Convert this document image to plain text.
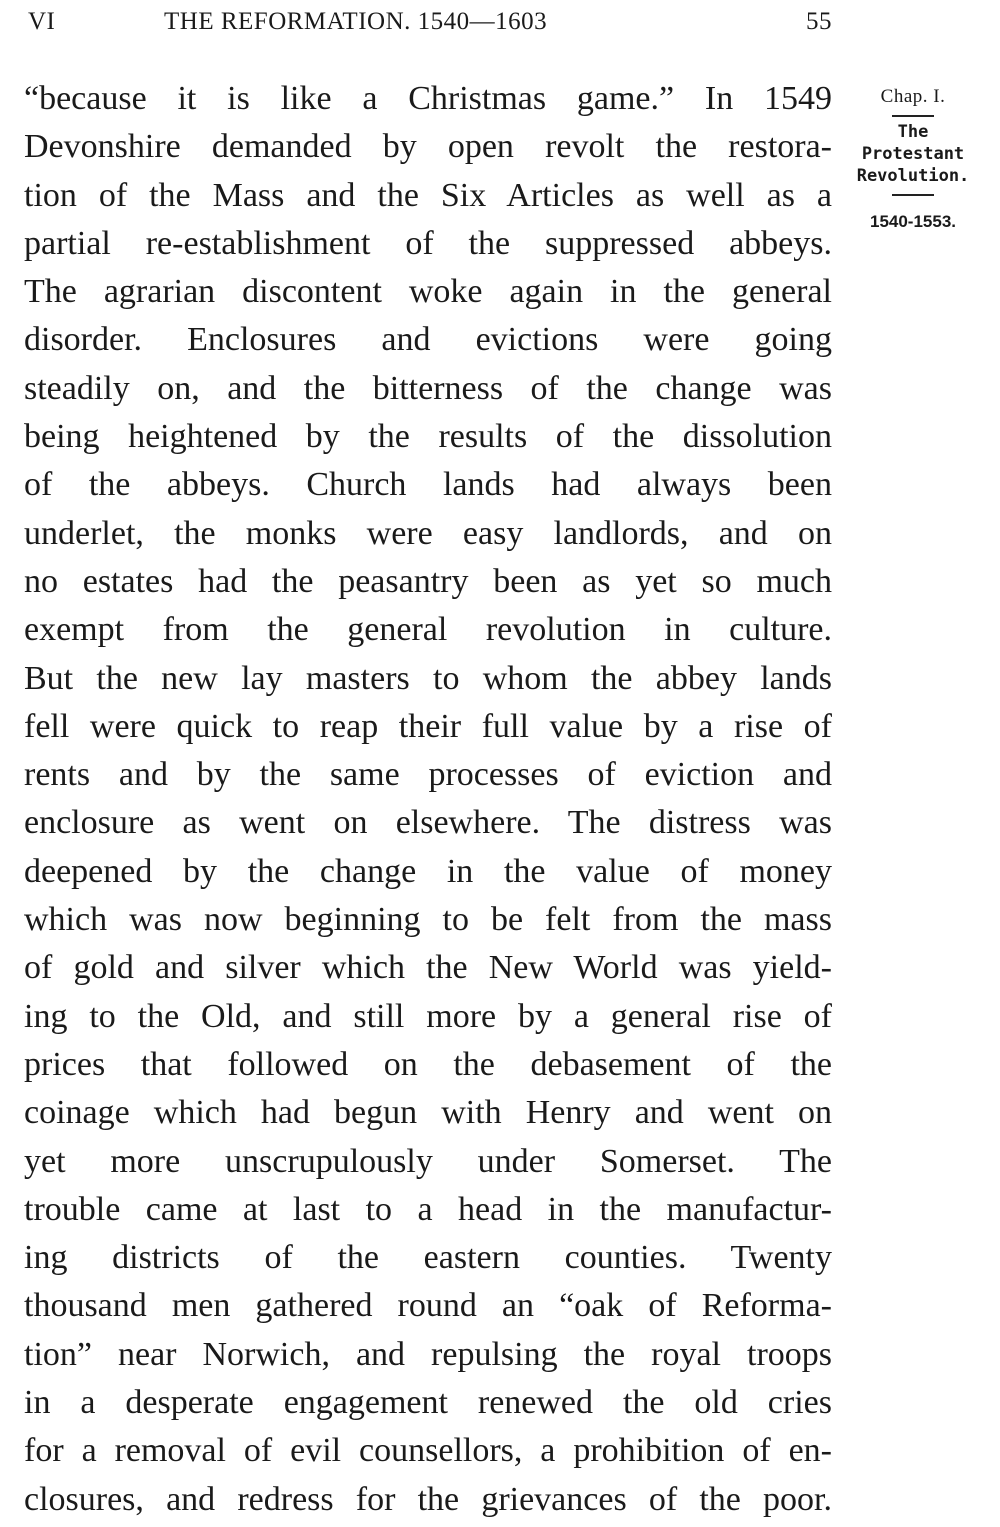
VI	THE REFORMATION. 1540—1603	55
“because it is like a Christmas game.” In 1549
Devonshire demanded by open revolt the restora-
tion of the Mass and the Six Articles as well as a
partial re-establishment of the suppressed abbeys.
The agrarian discontent woke again in the general
disorder. Enclosures and evictions were going
steadily on, and the bitterness of the change was
being heightened by the results of the dissolution
of the abbeys. Church lands had always been
underlet, the monks were easy landlords, and on
no estates had the peasantry been as yet so much
exempt from the general revolution in culture.
But the new lay masters to whom the abbey lands
fell were quick to reap their full value by a rise of
rents and by the same processes of eviction and
enclosure as went on elsewhere. The distress was
deepened by the change in the value of money
which was now beginning to be felt from the mass
of gold and silver which the New World was yield-
ing to the Old, and still more by a general rise of
prices that followed on the debasement of the
coinage which had begun with Henry and went on
yet more unscrupulously under Somerset. The
trouble came at last to a head in the manufactur-
ing districts of the eastern counties. Twenty
thousand men gathered round an “oak of Reforma-
tion” near Norwich, and repulsing the royal troops
in a desperate engagement renewed the old cries
for a removal of evil counsellors, a prohibition of en-
closures, and redress for the grievances of the poor.
Chap. I.
The
Protestant
Revolution.
1540-1553.
